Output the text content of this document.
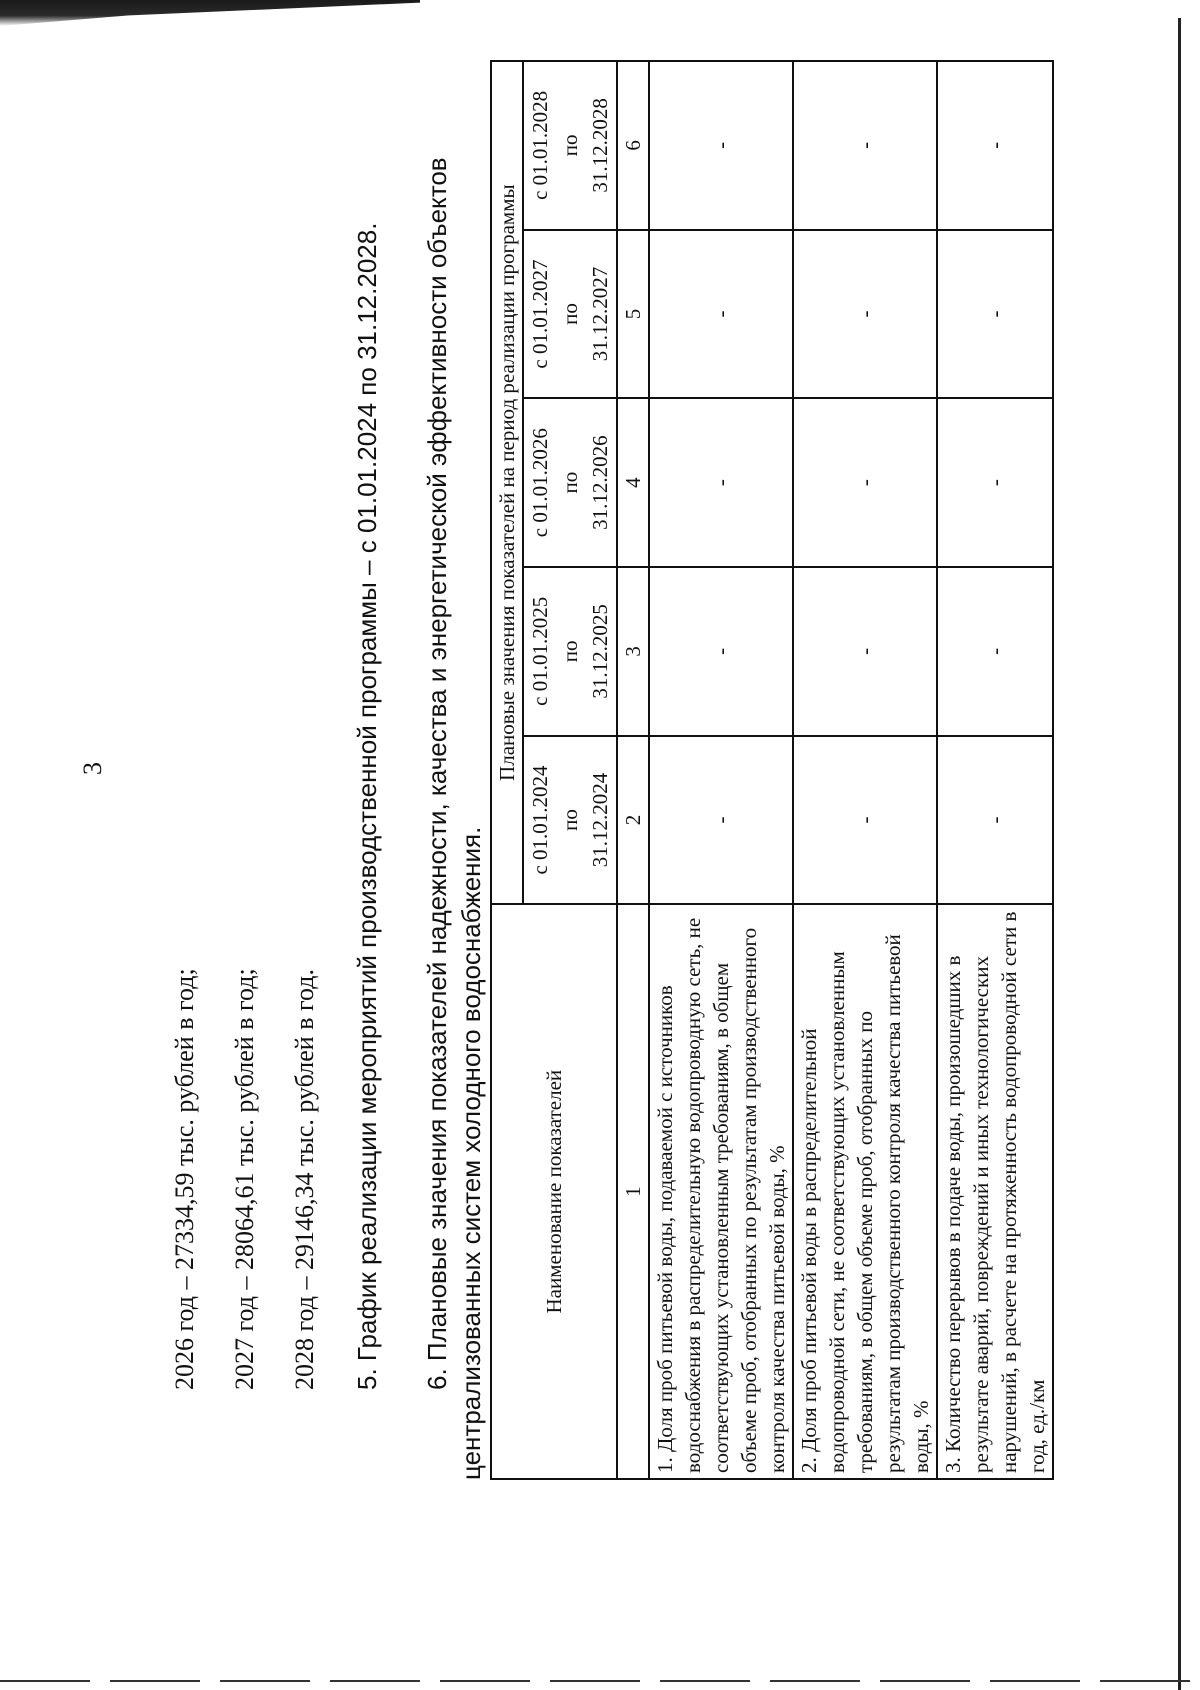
3
2026 год – 27334,59 тыс. рублей в год; 2027 год – 28064,61 тыс. рублей в год; 2028 год – 29146,34 тыс. рублей в год. 5. График реализации мероприятий производственной программы – с 01.01.2024 по 31.12.2028. 6. Плановые значения показателей надежности, качества и энергетической эффективности объектов централизованных систем холодного водоснабжения.	Наименование показателей	Плановые значения показателей на период реализации программы				
	с 01.01.2024 по 31.12.2024	с 01.01.2025 по 31.12.2025	с 01.01.2026 по 31.12.2026	с 01.01.2027 по 31.12.2027	с 01.01.2028 по 31.12.2028
1	2	3	4	5	6
1. Доля проб питьевой воды, подаваемой с источников водоснабжения в распределительную водопроводную сеть, не соответствующих установленным требованиям, в общем объеме проб, отобранных по результатам производственного контроля качества питьевой воды, %	-	-	-	-	-
2. Доля проб питьевой воды в распределительной водопроводной сети, не соответствующих установленным требованиям, в общем объеме проб, отобранных по результатам производственного контроля качества питьевой воды, %	-	-	-	-	-
3. Количество перерывов в подаче воды, произошедших в результате аварий, повреждений и иных технологических нарушений, в расчете на протяженность водопроводной сети в год, ед./км	-	-	-	-	-
